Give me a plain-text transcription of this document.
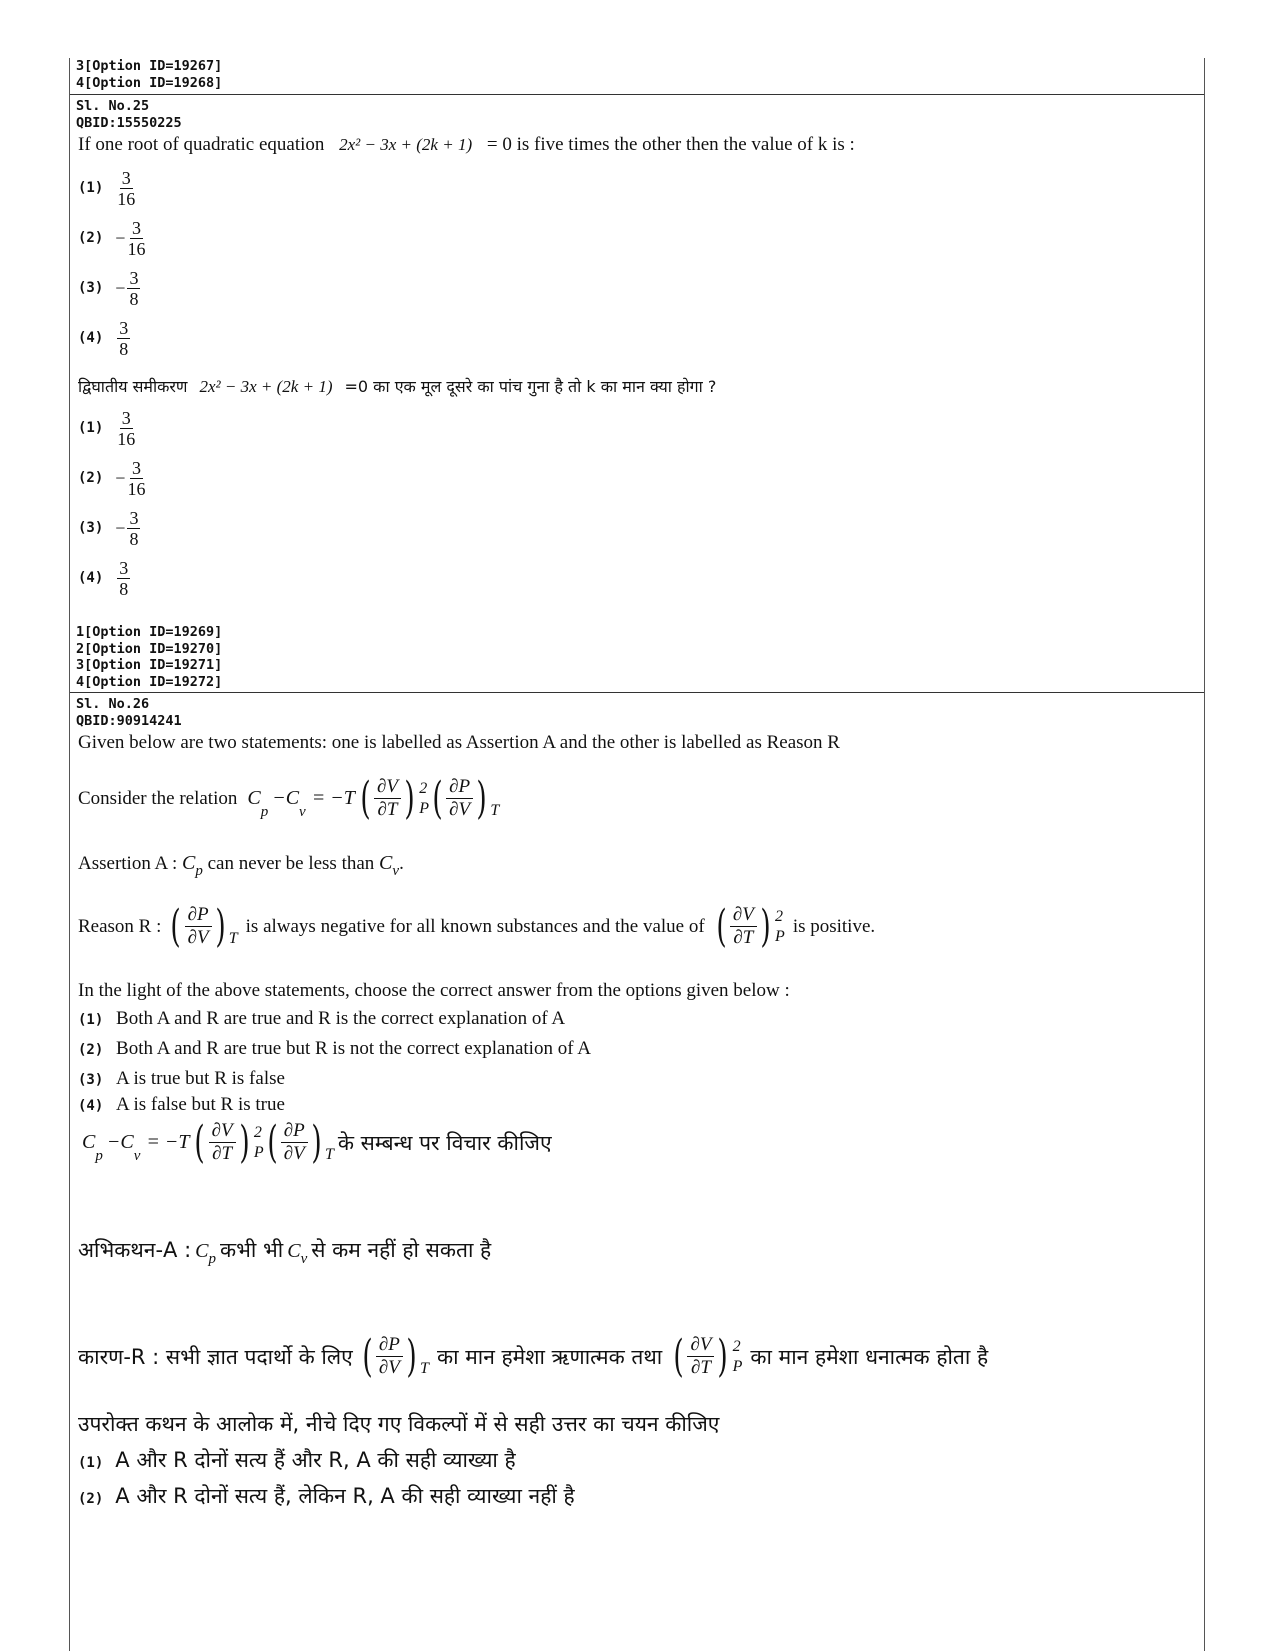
3[Option ID=19267]
4[Option ID=19268]
Sl. No.25
QBID:15550225
If one root of quadratic equation 2x² − 3x + (2k + 1) = 0 is five times the other then the value of k is :
$(1) \frac{3}{16}$
$(2) - \frac{3}{16}$
$(3) - \frac{3}{8}$
$(4) \frac{3}{8}$
द्विघातीय समीकरण 2x² − 3x + (2k + 1) =0 का एक मूल दूसरे का पांच गुना है तो k का मान क्या होगा ?
$(1) \frac{3}{16}$
$(2) - \frac{3}{16}$
$(3) - \frac{3}{8}$
$(4) \frac{3}{8}$
1[Option ID=19269]
2[Option ID=19270]
3[Option ID=19271]
4[Option ID=19272]
Sl. No.26
QBID:90914241
Given below are two statements: one is labelled as Assertion A and the other is labelled as Reason R
Consider the relation $C_p$
$-C_v$
= −T ( ∂V
∂T ) 2
P ( ∂P
∂V ) T
Assertion A : $C_p$ can never be less than $C_v$.
Reason R : ( ∂P
∂V ) T
is always negative for all known substances and the value of ( ∂V
∂T ) 2
P is positive.
In the light of the above statements, choose the correct answer from the options given below :
(1) Both A and R are true and R is the correct explanation of A
(2) Both A and R are true but R is not the correct explanation of A
(3) A is true but R is false
(4) A is false but R is true
$C_p$
$-C_v$
= −T ( ∂V
∂T ) 2
P ( ∂P
∂V ) T के सम्बन्ध पर विचार कीजिए
अभिकथन-A : $C_p$ कभी भी $C_v$ से कम नहीं हो सकता है
कारण-R : सभी ज्ञात पदार्थो के लिए ( ∂P
∂V ) T का मान हमेशा ऋणात्मक तथा ( ∂V
∂T ) 2
P का मान हमेशा धनात्मक होता है
उपरोक्त कथन के आलोक में, नीचे दिए गए विकल्पों में से सही उत्तर का चयन कीजिए
(1) A और R दोनों सत्य हैं और R, A की सही व्याख्या है
(2) A और R दोनों सत्य हैं, लेकिन R, A की सही व्याख्या नहीं है
